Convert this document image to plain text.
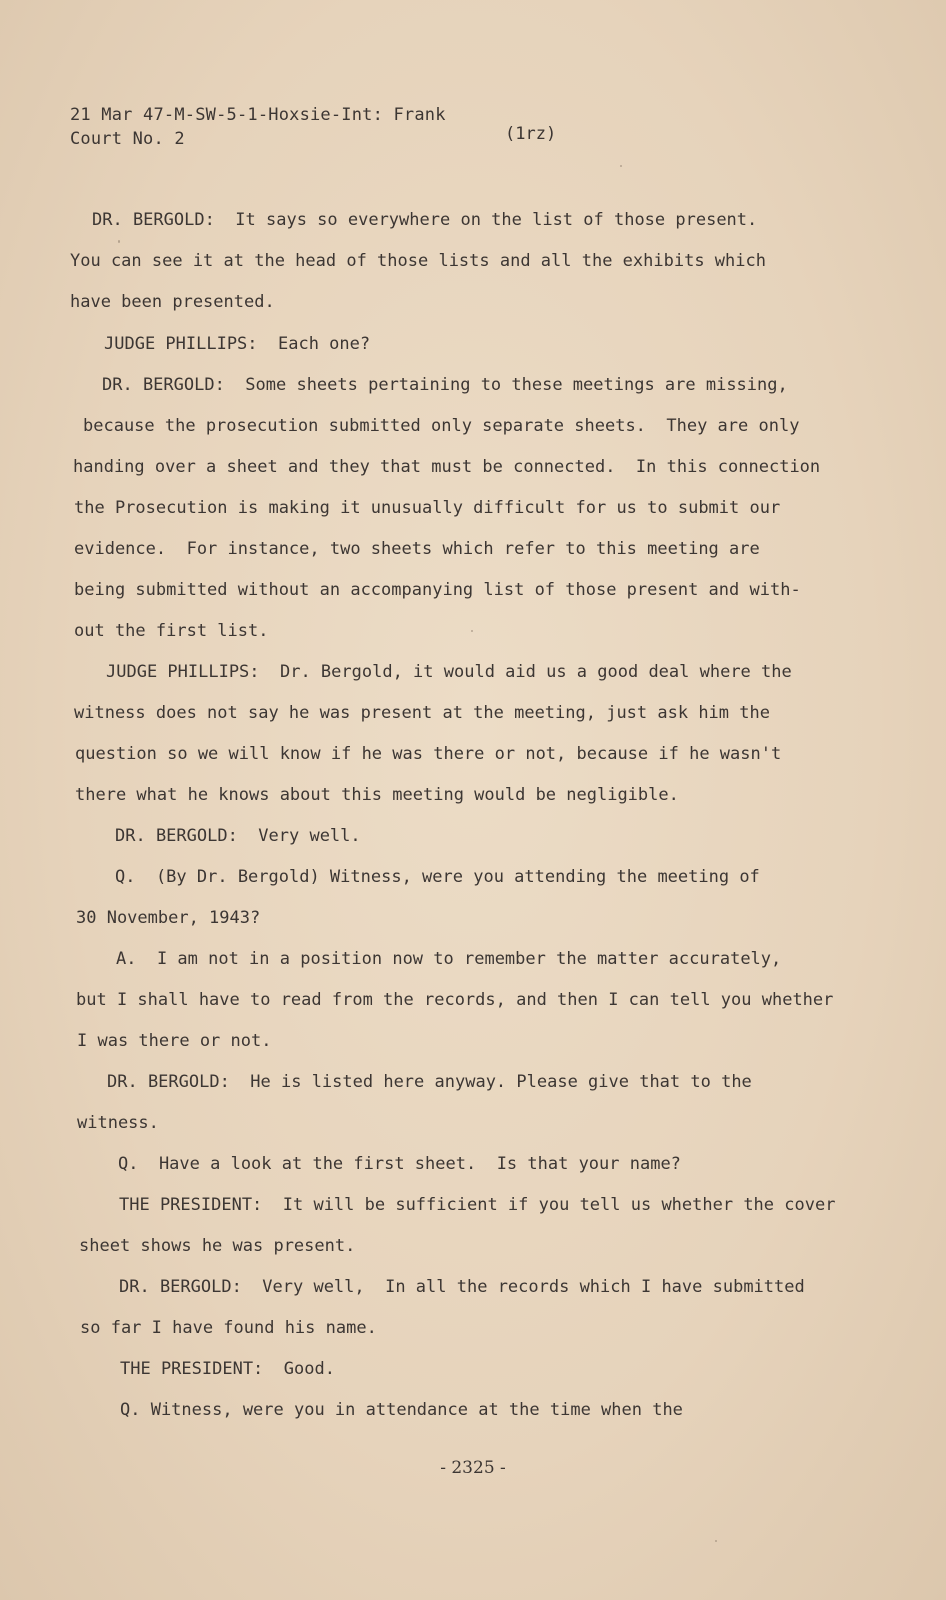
21 Mar 47-M-SW-5-1-Hoxsie-Int: Frank
Court No. 2	(1rz)
DR. BERGOLD:  It says so everywhere on the list of those present.
You can see it at the head of those lists and all the exhibits which
have been presented.
JUDGE PHILLIPS:  Each one?
DR. BERGOLD:  Some sheets pertaining to these meetings are missing,
because the prosecution submitted only separate sheets.  They are only
handing over a sheet and they that must be connected.  In this connection
the Prosecution is making it unusually difficult for us to submit our
evidence.  For instance, two sheets which refer to this meeting are
being submitted without an accompanying list of those present and with-
out the first list.
JUDGE PHILLIPS:  Dr. Bergold, it would aid us a good deal where the
witness does not say he was present at the meeting, just ask him the
question so we will know if he was there or not, because if he wasn't
there what he knows about this meeting would be negligible.
DR. BERGOLD:  Very well.
Q.  (By Dr. Bergold) Witness, were you attending the meeting of
30 November, 1943?
A.  I am not in a position now to remember the matter accurately,
but I shall have to read from the records, and then I can tell you whether
I was there or not.
DR. BERGOLD:  He is listed here anyway. Please give that to the
witness.
Q.  Have a look at the first sheet.  Is that your name?
THE PRESIDENT:  It will be sufficient if you tell us whether the cover
sheet shows he was present.
DR. BERGOLD:  Very well,  In all the records which I have submitted
so far I have found his name.
THE PRESIDENT:  Good.
Q. Witness, were you in attendance at the time when the
- 2325 -
